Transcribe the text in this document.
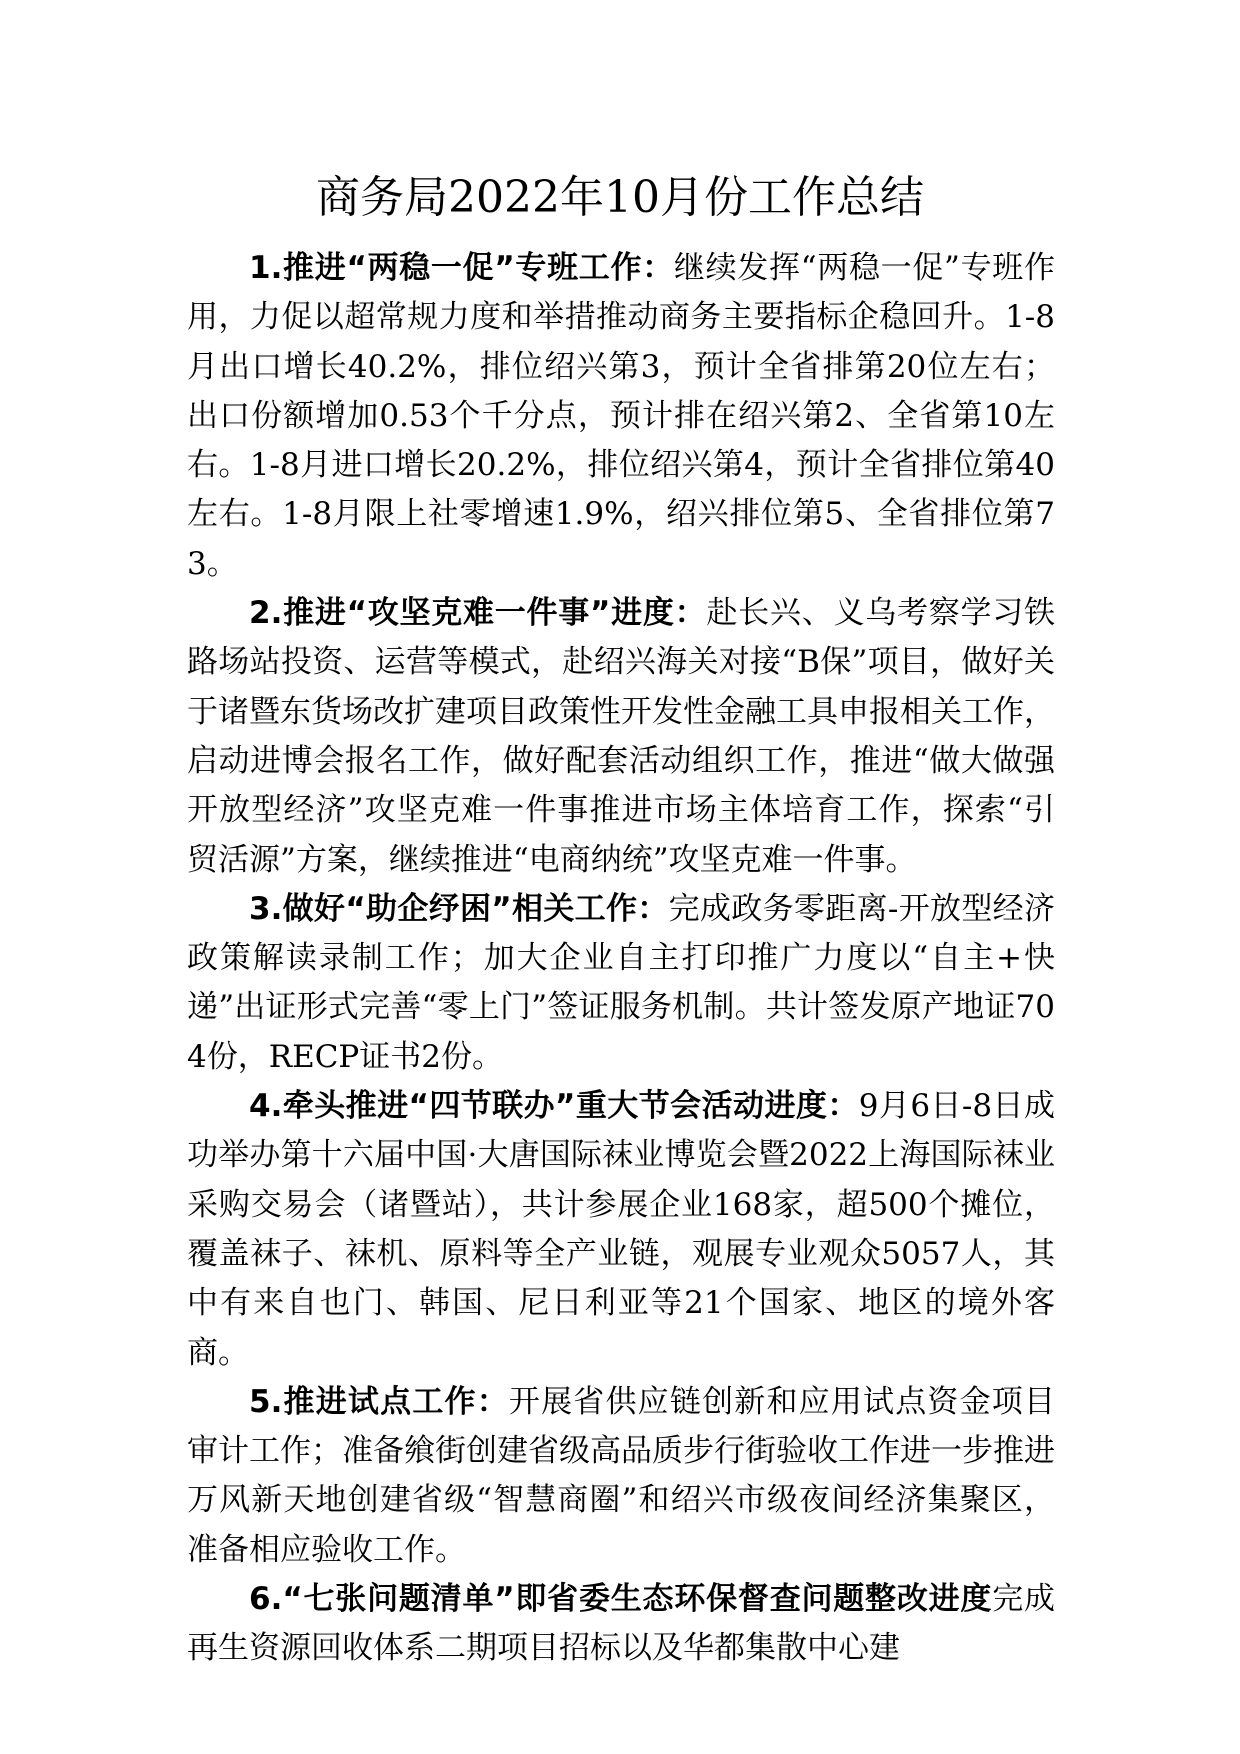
商务局2022年10月份工作总结

1.推进“两稳一促”专班工作：继续发挥“两稳一促”专班作用，力促以超常规力度和举措推动商务主要指标企稳回升。1-8月出口增长40.2%，排位绍兴第3，预计全省排第20位左右；出口份额增加0.53个千分点，预计排在绍兴第2、全省第10左右。1-8月进口增长20.2%，排位绍兴第4，预计全省排位第40左右。1-8月限上社零增速1.9%，绍兴排位第5、全省排位第73。

2.推进“攻坚克难一件事”进度：赴长兴、义乌考察学习铁路场站投资、运营等模式，赴绍兴海关对接“B保”项目，做好关于诸暨东货场改扩建项目政策性开发性金融工具申报相关工作，启动进博会报名工作，做好配套活动组织工作，推进“做大做强开放型经济”攻坚克难一件事推进市场主体培育工作，探索“引贸活源”方案，继续推进“电商纳统”攻坚克难一件事。

3.做好“助企纾困”相关工作：完成政务零距离-开放型经济政策解读录制工作；加大企业自主打印推广力度以“自主+快递”出证形式完善“零上门”签证服务机制。共计签发原产地证704份，RECP证书2份。

4.牵头推进“四节联办”重大节会活动进度：9月6日-8日成功举办第十六届中国·大唐国际袜业博览会暨2022上海国际袜业采购交易会（诸暨站），共计参展企业168家，超500个摊位，覆盖袜子、袜机、原料等全产业链，观展专业观众5057人，其中有来自也门、韩国、尼日利亚等21个国家、地区的境外客商。

5.推进试点工作：开展省供应链创新和应用试点资金项目审计工作；准备飨街创建省级高品质步行街验收工作进一步推进万风新天地创建省级“智慧商圈”和绍兴市级夜间经济集聚区，准备相应验收工作。

6.“七张问题清单”即省委生态环保督查问题整改进度完成再生资源回收体系二期项目招标以及华都集散中心建
